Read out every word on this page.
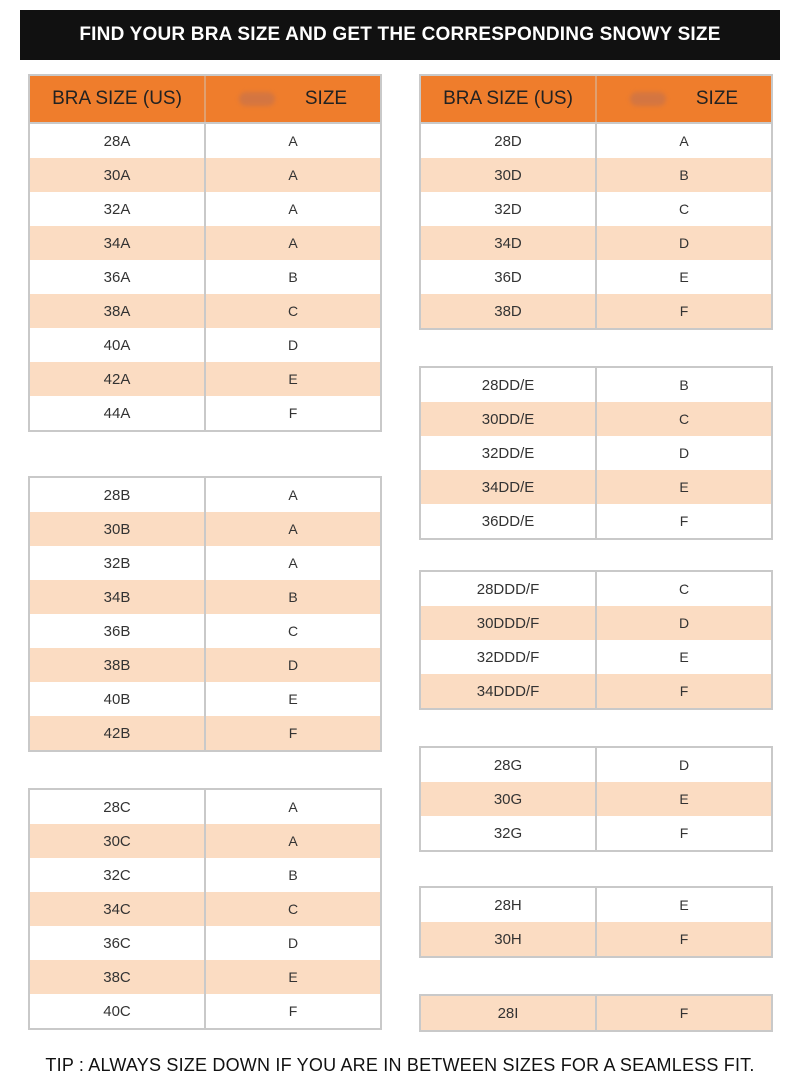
FIND YOUR BRA SIZE AND GET THE CORRESPONDING SNOWY SIZE
BRA SIZE (US)	SIZE
28A	A
30A	A
32A	A
34A	A
36A	B
38A	C
40A	D
42A	E
44A	F
28B	A
30B	A
32B	A
34B	B
36B	C
38B	D
40B	E
42B	F
28C	A
30C	A
32C	B
34C	C
36C	D
38C	E
40C	F
BRA SIZE (US)	SIZE
28D	A
30D	B
32D	C
34D	D
36D	E
38D	F
28DD/E	B
30DD/E	C
32DD/E	D
34DD/E	E
36DD/E	F
28DDD/F	C
30DDD/F	D
32DDD/F	E
34DDD/F	F
28G	D
30G	E
32G	F
28H	E
30H	F
28I	F
TIP : ALWAYS SIZE DOWN IF YOU ARE IN BETWEEN SIZES FOR A SEAMLESS FIT.
